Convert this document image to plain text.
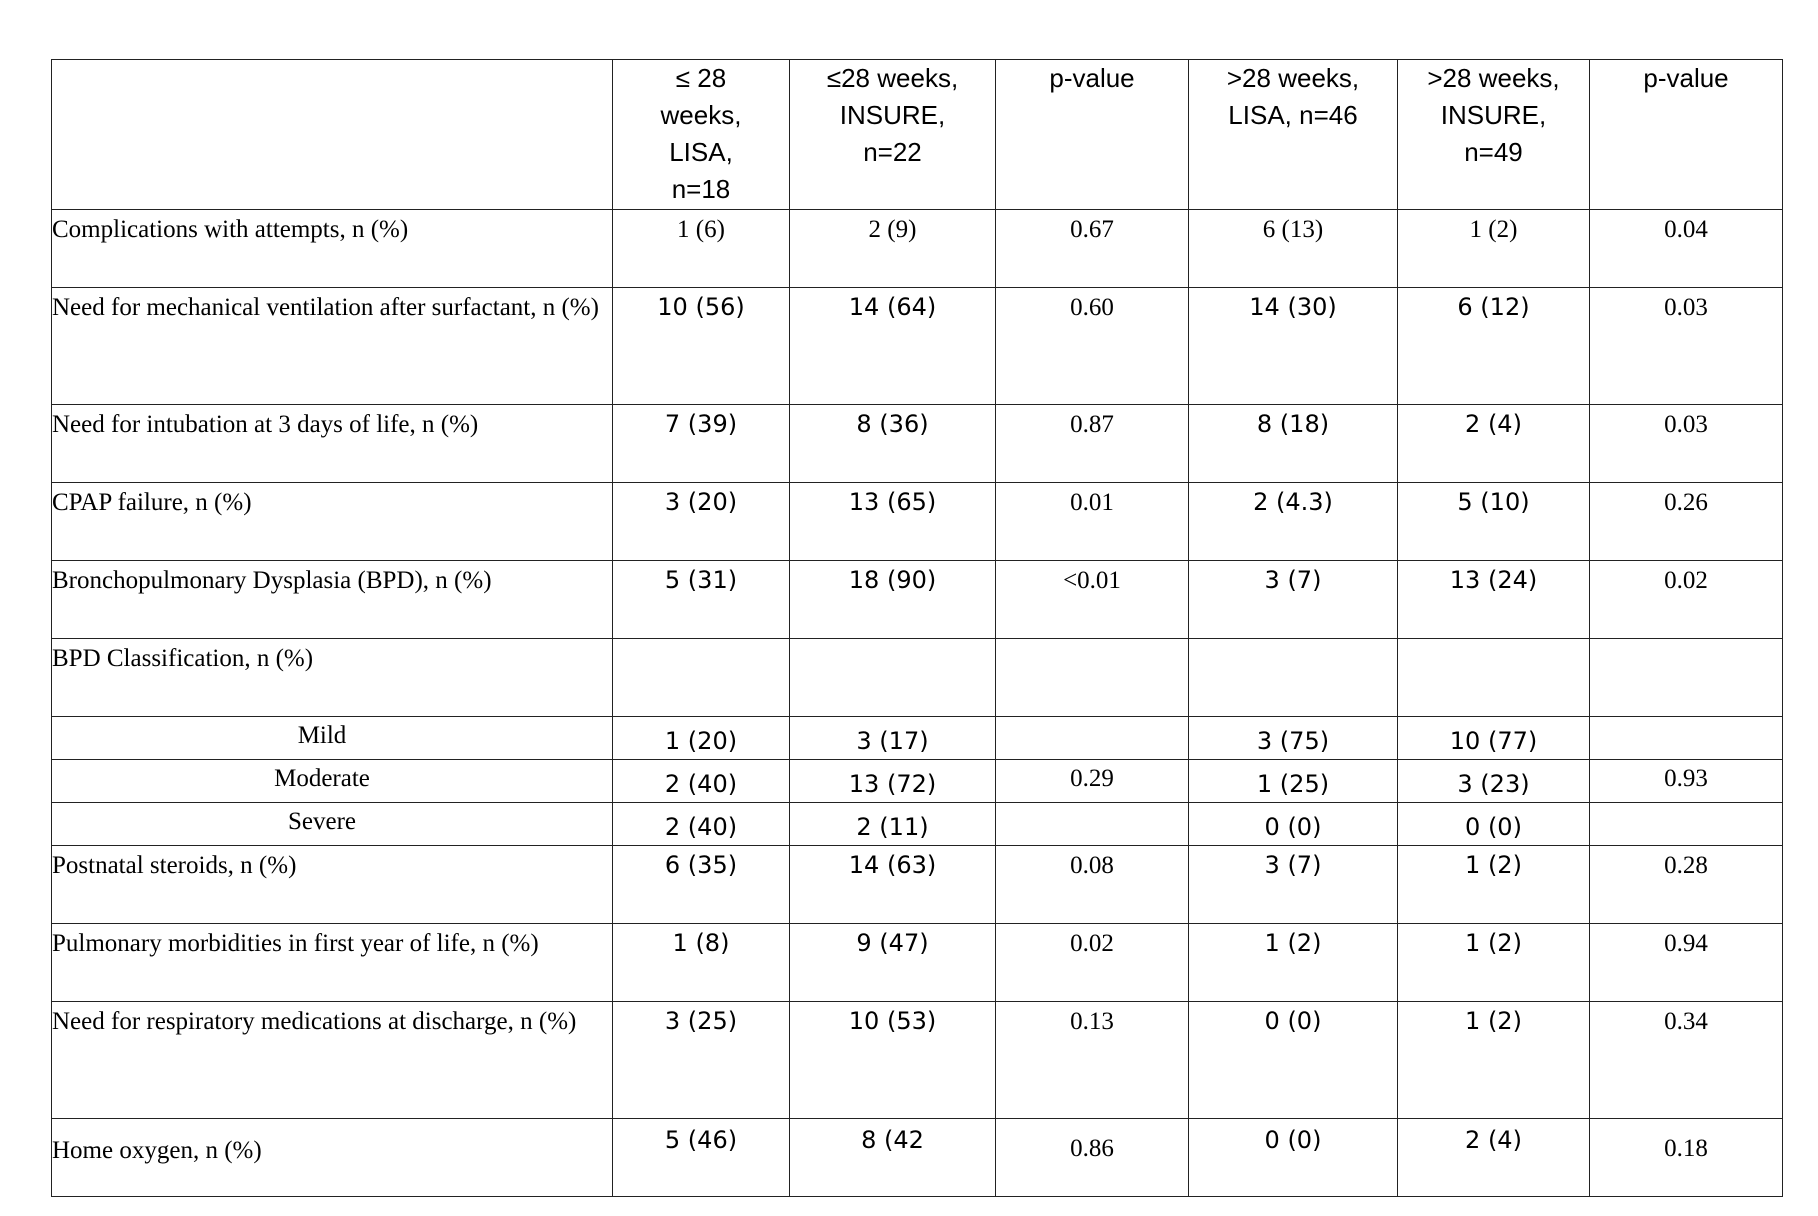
	≤ 28
weeks,
LISA,
n=18	≤28 weeks,
INSURE,
n=22	p-value	>28 weeks,
LISA, n=46	>28 weeks,
INSURE,
n=49	p-value
Complications with attempts, n (%)	1 (6)	2 (9)	0.67	6 (13)	1 (2)	0.04
Need for mechanical ventilation after surfactant, n (%)	10 (56)	14 (64)	0.60	14 (30)	6 (12)	0.03
Need for intubation at 3 days of life, n (%)	7 (39)	8 (36)	0.87	8 (18)	2 (4)	0.03
CPAP failure, n (%)	3 (20)	13 (65)	0.01	2 (4.3)	5 (10)	0.26
Bronchopulmonary Dysplasia (BPD), n (%)	5 (31)	18 (90)	<0.01	3 (7)	13 (24)	0.02
BPD Classification, n (%)						
Mild	1 (20)	3 (17)		3 (75)	10 (77)	
Moderate	2 (40)	13 (72)	0.29	1 (25)	3 (23)	0.93
Severe	2 (40)	2 (11)		0 (0)	0 (0)	
Postnatal steroids, n (%)	6 (35)	14 (63)	0.08	3 (7)	1 (2)	0.28
Pulmonary morbidities in first year of life, n (%)	1 (8)	9 (47)	0.02	1 (2)	1 (2)	0.94
Need for respiratory medications at discharge, n (%)	3 (25)	10 (53)	0.13	0 (0)	1 (2)	0.34
Home oxygen, n (%)	5 (46)	8 (42	0.86	0 (0)	2 (4)	0.18
